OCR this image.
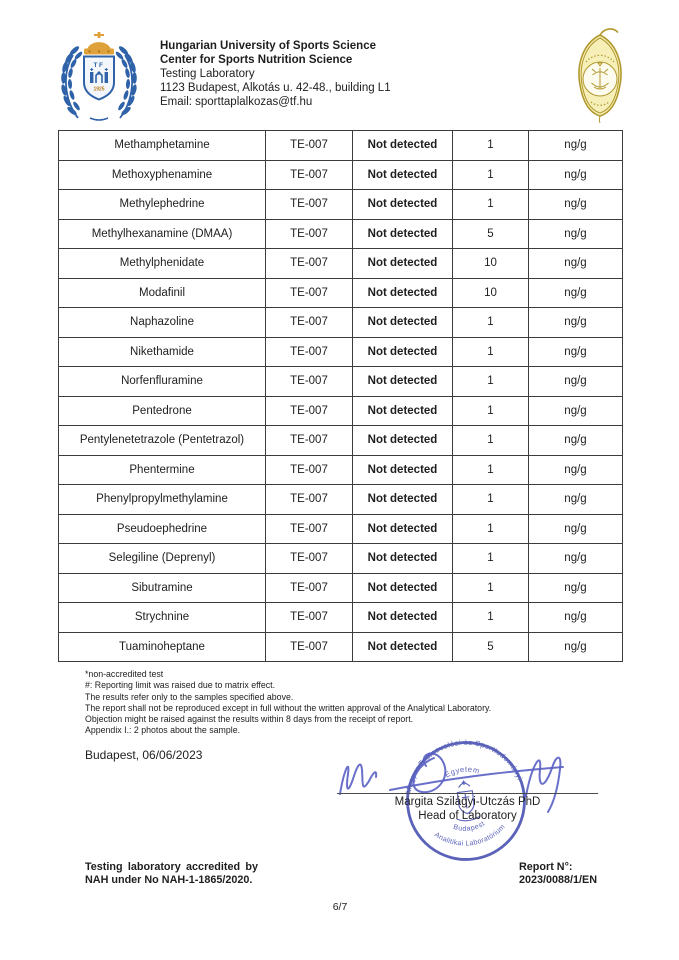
TF
1925
Hungarian University of Sports Science
Center for Sports Nutrition Science
Testing Laboratory
1123 Budapest, Alkotás u. 42-48., building L1
Email: sporttaplalkozas@tf.hu
Methamphetamine	TE-007	Not detected	1	ng/g
Methoxyphenamine	TE-007	Not detected	1	ng/g
Methylephedrine	TE-007	Not detected	1	ng/g
Methylhexanamine (DMAA)	TE-007	Not detected	5	ng/g
Methylphenidate	TE-007	Not detected	10	ng/g
Modafinil	TE-007	Not detected	10	ng/g
Naphazoline	TE-007	Not detected	1	ng/g
Nikethamide	TE-007	Not detected	1	ng/g
Norfenfluramine	TE-007	Not detected	1	ng/g
Pentedrone	TE-007	Not detected	1	ng/g
Pentylenetetrazole (Pentetrazol)	TE-007	Not detected	1	ng/g
Phentermine	TE-007	Not detected	1	ng/g
Phenylpropylmethylamine	TE-007	Not detected	1	ng/g
Pseudoephedrine	TE-007	Not detected	1	ng/g
Selegiline (Deprenyl)	TE-007	Not detected	1	ng/g
Sibutramine	TE-007	Not detected	1	ng/g
Strychnine	TE-007	Not detected	1	ng/g
Tuaminoheptane	TE-007	Not detected	5	ng/g
*non-accredited test
#: Reporting limit was raised due to matrix effect.
The results refer only to the samples specified above.
The report shall not be reproduced except in full without the written approval of the Analytical Laboratory.
Objection might be raised against the results within 8 days from the receipt of report.
Appendix I.: 2 photos about the sample.
Budapest, 06/06/2023
Magyar Testnevelési és Sporttudományi
Egyetem
Analitikai Laboratórium
Budapest
Margita Szilágyi-Utczás PhD
Head of Laboratory
Testing laboratory accredited by NAH under No NAH-1-1865/2020.
Report N°:
2023/0088/1/EN
6/7
